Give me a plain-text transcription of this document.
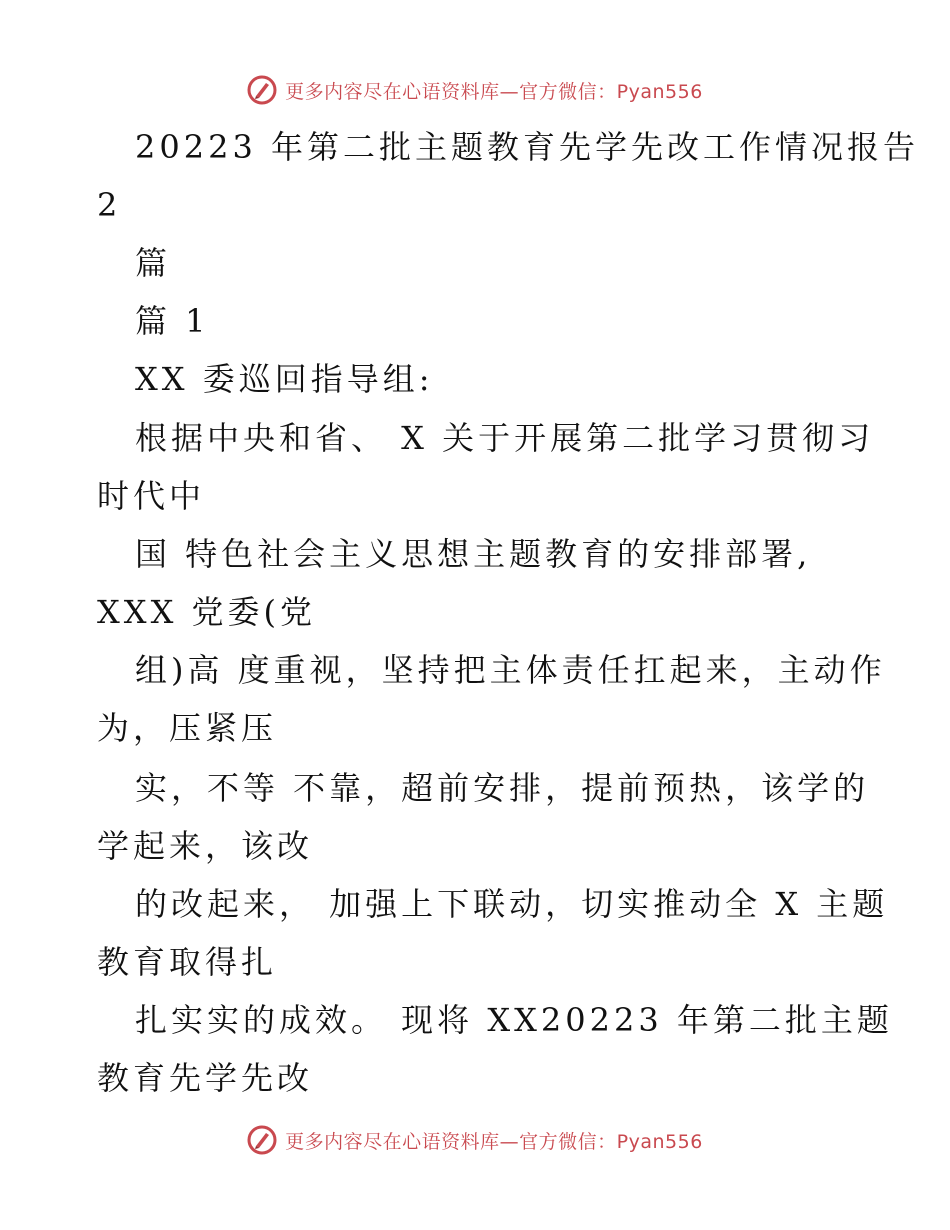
更多内容尽在心语资料库—官方微信：Pyan556
20223 年第二批主题教育先学先改工作情况报告
2
篇
篇 1
XX 委巡回指导组:
根据中央和省、 X 关于开展第二批学习贯彻习
时代中
国 特色社会主义思想主题教育的安排部署,
XXX 党委(党
组)高 度重视，坚持把主体责任扛起来，主动作
为，压紧压
实，不等 不靠，超前安排，提前预热，该学的
学起来，该改
的改起来， 加强上下联动，切实推动全 X 主题
教育取得扎
扎实实的成效。 现将 XX20223 年第二批主题
教育先学先改
更多内容尽在心语资料库—官方微信：Pyan556
